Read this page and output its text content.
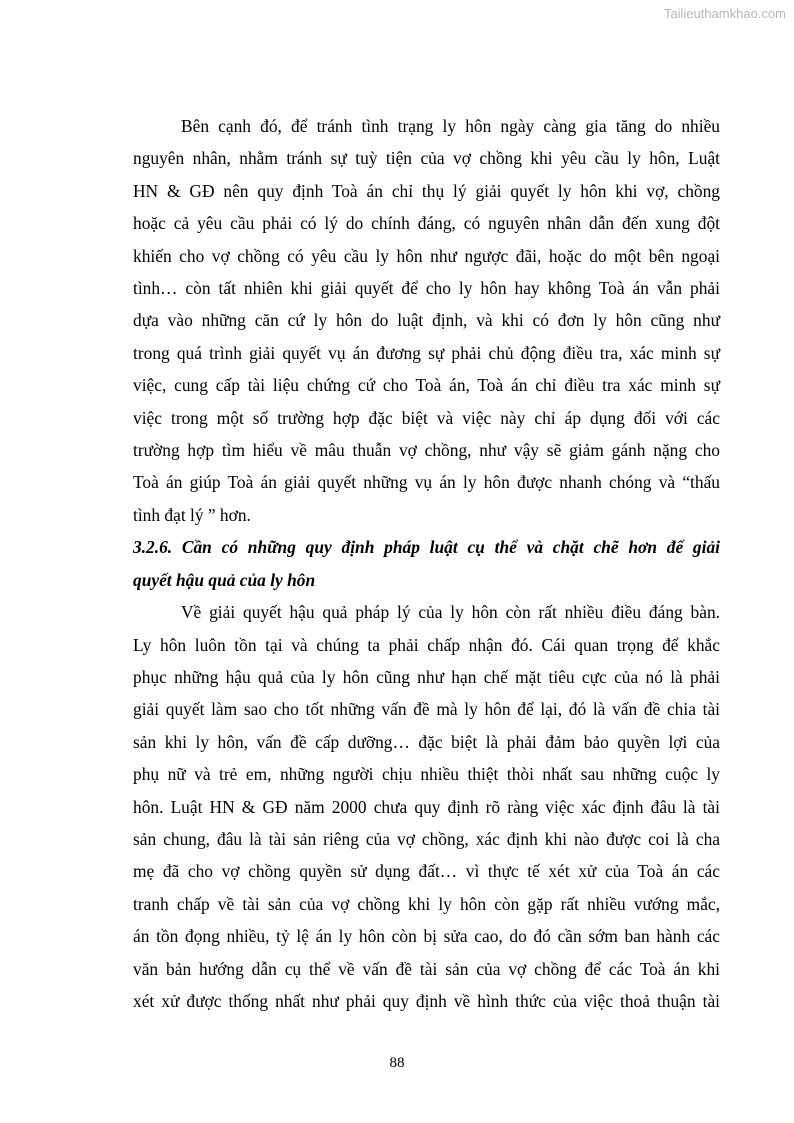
Tailieuthamkhao.com
Bên cạnh đó, để tránh tình trạng ly hôn ngày càng gia tăng do nhiều
nguyên nhân, nhằm tránh sự tuỳ tiện của vợ chồng khi yêu cầu ly hôn, Luật
HN & GĐ nên quy định Toà án chỉ thụ lý giải quyết ly hôn khi vợ, chồng
hoặc cả yêu cầu phải có lý do chính đáng, có nguyên nhân dẫn đến xung đột
khiến cho vợ chồng có yêu cầu ly hôn như ngược đãi, hoặc do một bên ngoại
tình… còn tất nhiên khi giải quyết để cho ly hôn hay không Toà án vẫn phải
dựa vào những căn cứ ly hôn do luật định, và khi có đơn ly hôn cũng như
trong quá trình giải quyết vụ án đương sự phải chủ động điều tra, xác minh sự
việc, cung cấp tài liệu chứng cứ cho Toà án, Toà án chỉ điều tra xác minh sự
việc trong một số trường hợp đặc biệt và việc này chỉ áp dụng đối với các
trường hợp tìm hiểu về mâu thuẫn vợ chồng, như vậy sẽ giảm gánh nặng cho
Toà án giúp Toà án giải quyết những vụ án ly hôn được nhanh chóng và “thấu
tình đạt lý ” hơn.
3.2.6. Cần có những quy định pháp luật cụ thể và chặt chẽ hơn để giải
quyết hậu quả của ly hôn
Về giải quyết hậu quả pháp lý của ly hôn còn rất nhiều điều đáng bàn.
Ly hôn luôn tồn tại và chúng ta phải chấp nhận đó. Cái quan trọng để khắc
phục những hậu quả của ly hôn cũng như hạn chế mặt tiêu cực của nó là phải
giải quyết làm sao cho tốt những vấn đề mà ly hôn để lại, đó là vấn đề chia tài
sản khi ly hôn, vấn đề cấp dưỡng… đặc biệt là phải đảm bảo quyền lợi của
phụ nữ và trẻ em, những người chịu nhiều thiệt thòi nhất sau những cuộc ly
hôn. Luật HN & GĐ năm 2000 chưa quy định rõ ràng việc xác định đâu là tài
sản chung, đâu là tài sản riêng của vợ chồng, xác định khi nào được coi là cha
mẹ đã cho vợ chồng quyền sử dụng đất… vì thực tế xét xử của Toà án các
tranh chấp về tài sản của vợ chồng khi ly hôn còn gặp rất nhiều vướng mắc,
án tồn đọng nhiều, tỷ lệ án ly hôn còn bị sửa cao, do đó cần sớm ban hành các
văn bản hướng dẫn cụ thể về vấn đề tài sản của vợ chồng để các Toà án khi
xét xử được thống nhất như phải quy định về hình thức của việc thoả thuận tài
88
